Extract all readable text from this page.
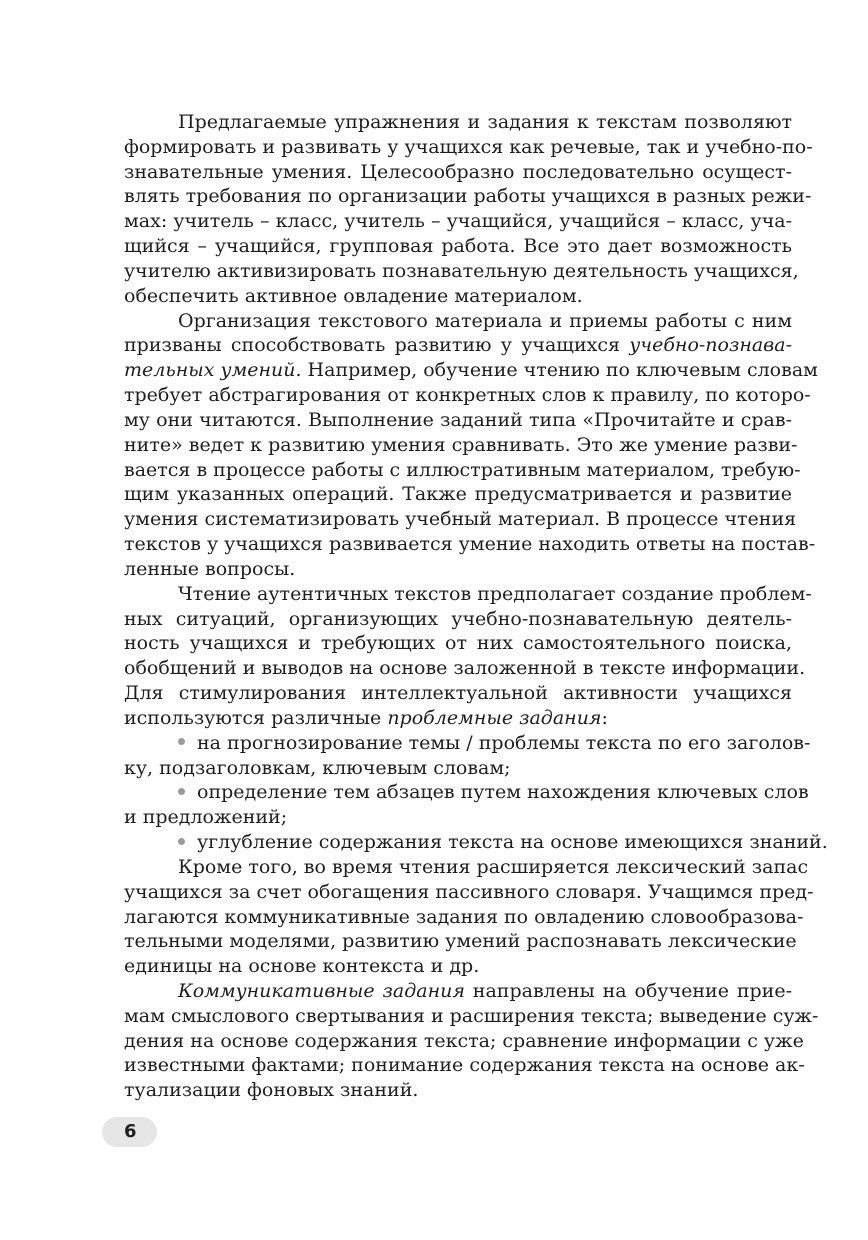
Предлагаемые упражнения и задания к текстам позволяют
формировать и развивать у учащихся как речевые, так и учебно-по-
знавательные умения. Целесообразно последовательно осущест-
влять требования по организации работы учащихся в разных режи-
мах: учитель – класс, учитель – учащийся, учащийся – класс, уча-
щийся – учащийся, групповая работа. Все это дает возможность
учителю активизировать познавательную деятельность учащихся,
обеспечить активное овладение материалом.
Организация текстового материала и приемы работы с ним
призваны способствовать развитию у учащихся учебно-познава-
тельных умений. Например, обучение чтению по ключевым словам
требует абстрагирования от конкретных слов к правилу, по которо-
му они читаются. Выполнение заданий типа «Прочитайте и срав-
ните» ведет к развитию умения сравнивать. Это же умение разви-
вается в процессе работы с иллюстративным материалом, требую-
щим указанных операций. Также предусматривается и развитие
умения систематизировать учебный материал. В процессе чтения
текстов у учащихся развивается умение находить ответы на постав-
ленные вопросы.
Чтение аутентичных текстов предполагает создание проблем-
ных ситуаций, организующих учебно-познавательную деятель-
ность учащихся и требующих от них самостоятельного поиска,
обобщений и выводов на основе заложенной в тексте информации.
Для стимулирования интеллектуальной активности учащихся
используются различные проблемные задания:
на прогнозирование темы / проблемы текста по его заголов-
ку, подзаголовкам, ключевым словам;
определение тем абзацев путем нахождения ключевых слов
и предложений;
углубление содержания текста на основе имеющихся знаний.
Кроме того, во время чтения расширяется лексический запас
учащихся за счет обогащения пассивного словаря. Учащимся пред-
лагаются коммуникативные задания по овладению словообразова-
тельными моделями, развитию умений распознавать лексические
единицы на основе контекста и др.
Коммуникативные задания направлены на обучение прие-
мам смыслового свертывания и расширения текста; выведение суж-
дения на основе содержания текста; сравнение информации с уже
известными фактами; понимание содержания текста на основе ак-
туализации фоновых знаний.
6
